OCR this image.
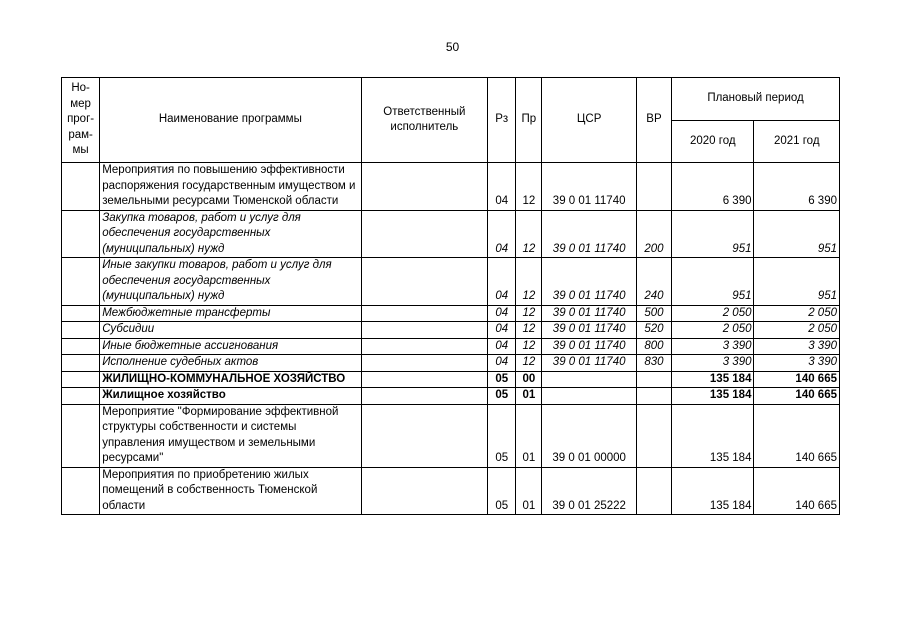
50
Но-
мер
прог-
рам-
мы	Наименование программы	Ответственный исполнитель	Рз	Пр	ЦСР	ВР	Плановый период	
							2020 год	2021 год
	Мероприятия по повышению эффективности распоряжения государственным имуществом и земельными ресурсами Тюменской области		04	12	39 0 01 11740		6 390	6 390
	Закупка товаров, работ и услуг для обеспечения государственных (муниципальных) нужд		04	12	39 0 01 11740	200	951	951
	Иные закупки товаров, работ и услуг для обеспечения государственных (муниципальных) нужд		04	12	39 0 01 11740	240	951	951
	Межбюджетные трансферты		04	12	39 0 01 11740	500	2 050	2 050
	Субсидии		04	12	39 0 01 11740	520	2 050	2 050
	Иные бюджетные ассигнования		04	12	39 0 01 11740	800	3 390	3 390
	Исполнение судебных актов		04	12	39 0 01 11740	830	3 390	3 390
	ЖИЛИЩНО-КОММУНАЛЬНОЕ ХОЗЯЙСТВО		05	00			135 184	140 665
	Жилищное хозяйство		05	01			135 184	140 665
	Мероприятие "Формирование эффективной структуры собственности и системы управления имуществом и земельными ресурсами"		05	01	39 0 01 00000		135 184	140 665
	Мероприятия по приобретению жилых помещений в собственность Тюменской области		05	01	39 0 01 25222		135 184	140 665
